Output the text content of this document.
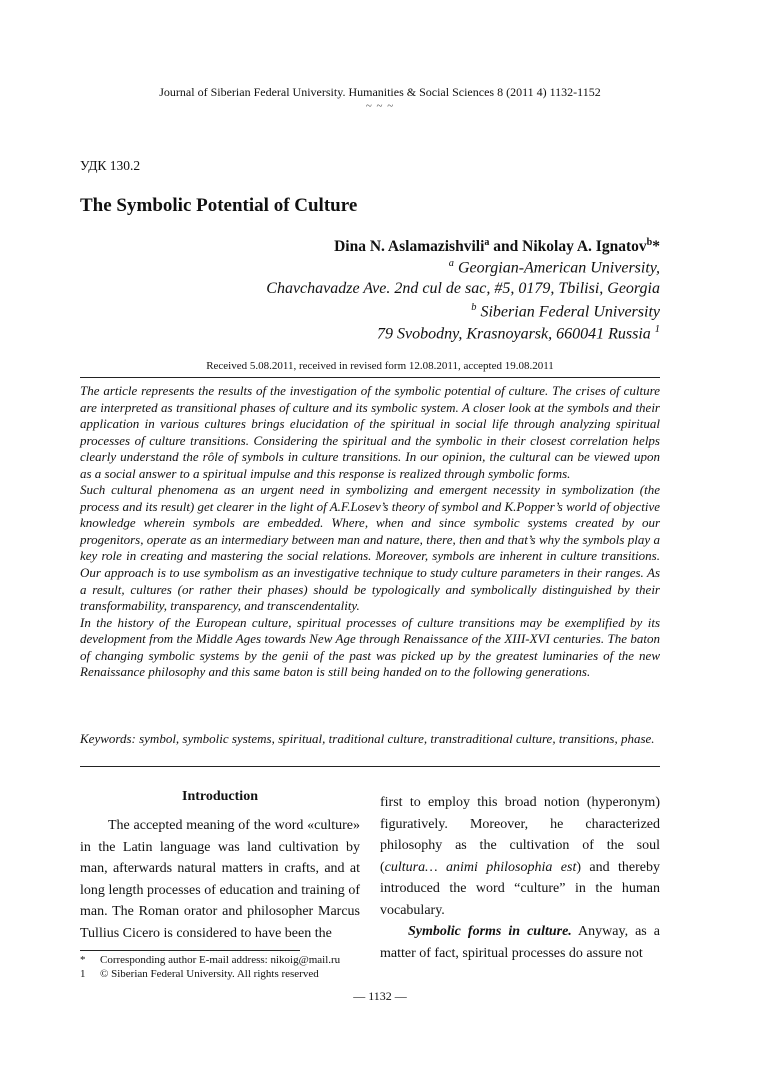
Journal of Siberian Federal University. Humanities & Social Sciences 8 (2011 4) 1132-1152
~ ~ ~
УДК 130.2
The Symbolic Potential of Culture
Dina N. Aslamazishvili$^a$ and Nikolay A. Ignatov$^b$*
$^a$ Georgian-American University,
Chavchavadze Ave. 2nd cul de sac, #5, 0179, Tbilisi, Georgia
$^b$ Siberian Federal University
79 Svobodny, Krasnoyarsk, 660041 Russia $^1$
Received 5.08.2011, received in revised form 12.08.2011, accepted 19.08.2011

The article represents the results of the investigation of the symbolic potential of culture. The crises of culture are interpreted as transitional phases of culture and its symbolic system. A closer look at the symbols and their application in various cultures brings elucidation of the spiritual in social life through analyzing spiritual processes of culture transitions. Considering the spiritual and the symbolic in their closest correlation helps clearly understand the rôle of symbols in culture transitions. In our opinion, the cultural can be viewed upon as a social answer to a spiritual impulse and this response is realized through symbolic forms.

Such cultural phenomena as an urgent need in symbolizing and emergent necessity in symbolization (the process and its result) get clearer in the light of A.F.Losev’s theory of symbol and K.Popper’s world of objective knowledge wherein symbols are embedded. Where, when and since symbolic systems created by our progenitors, operate as an intermediary between man and nature, there, then and that’s why the symbols play a key role in creating and mastering the social relations. Moreover, symbols are inherent in culture transitions. Our approach is to use symbolism as an investigative technique to study culture parameters in their ranges. As a result, cultures (or rather their phases) should be typologically and symbolically distinguished by their transformability, transparency, and transcendentality.

In the history of the European culture, spiritual processes of culture transitions may be exemplified by its development from the Middle Ages towards New Age through Renaissance of the XIII-XVI centuries. The baton of changing symbolic systems by the genii of the past was picked up by the greatest luminaries of the new Renaissance philosophy and this same baton is still being handed on to the following generations.

Keywords: symbol, symbolic systems, spiritual, traditional culture, transtraditional culture, transitions, phase.
Introduction

The accepted meaning of the word «culture» in the Latin language was land cultivation by man, afterwards natural matters in crafts, and at long length processes of education and training of man. The Roman orator and philosopher Marcus Tullius Cicero is considered to have been the

first to employ this broad notion (hyperonym) figuratively. Moreover, he characterized philosophy as the cultivation of the soul (cultura… animi philosophia est) and thereby introduced the word “culture” in the human vocabulary.

Symbolic forms in culture. Anyway, as a matter of fact, spiritual processes do assure not

* Corresponding author E-mail address: nikoig@mail.ru
1 © Siberian Federal University. All rights reserved
— 1132 —
